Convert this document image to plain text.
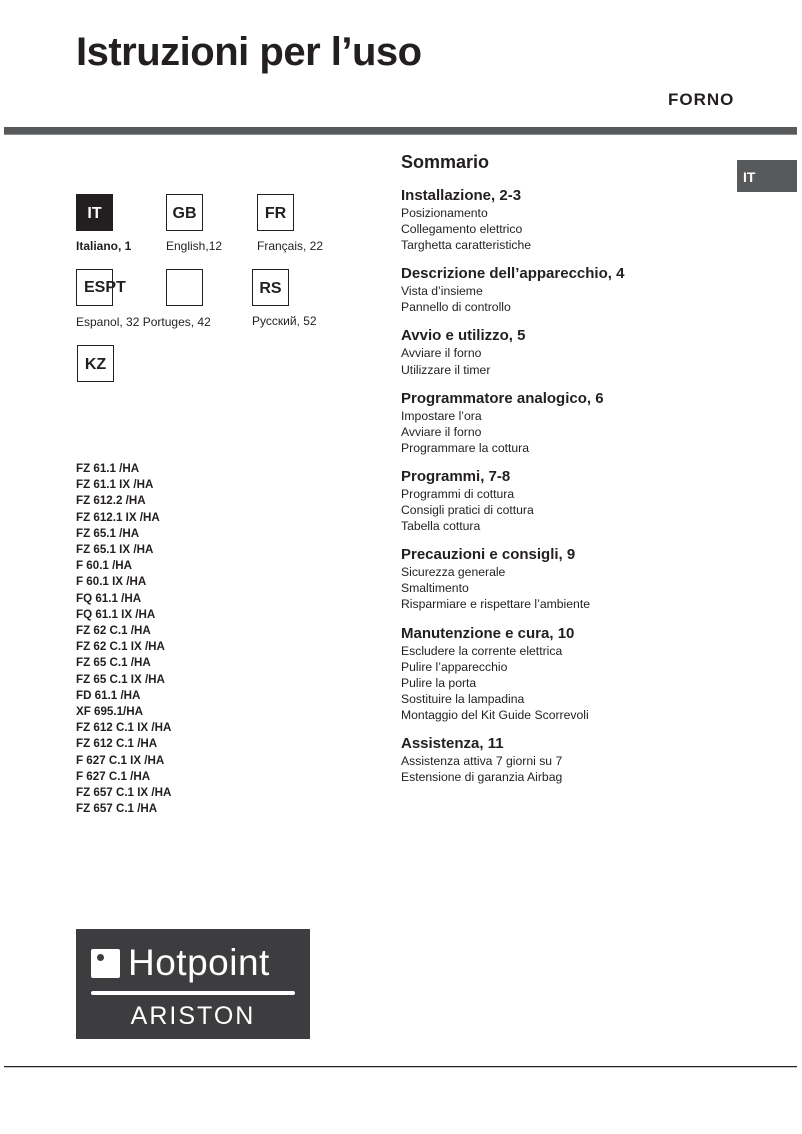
Istruzioni per l’uso
FORNO
IT
IT
Italiano, 1
GB
English,12
FR
Français, 22
ESPT
Espanol, 32 Portuges, 42
RS
Русский, 52
KZ
FZ 61.1 /HA
FZ 61.1 IX /HA
FZ 612.2 /HA
FZ 612.1 IX /HA
FZ 65.1 /HA
FZ 65.1 IX /HA
F 60.1 /HA
F 60.1 IX /HA
FQ 61.1 /HA
FQ 61.1 IX /HA
FZ 62 C.1 /HA
FZ 62 C.1 IX /HA
FZ 65 C.1 /HA
FZ 65 C.1 IX /HA
FD 61.1 /HA
XF 695.1/HA
FZ 612 C.1 IX /HA
FZ 612 C.1 /HA
F 627 C.1 IX /HA
F 627 C.1 /HA
FZ 657 C.1 IX /HA
FZ 657 C.1 /HA
Sommario
Installazione, 2-3
Posizionamento
Collegamento elettrico
Targhetta caratteristiche
Descrizione dell’apparecchio, 4
Vista d’insieme
Pannello di controllo
Avvio e utilizzo, 5
Avviare il forno
Utilizzare il timer
Programmatore analogico, 6
Impostare l’ora
Avviare il forno
Programmare la cottura
Programmi, 7-8
Programmi di cottura
Consigli pratici di cottura
Tabella cottura
Precauzioni e consigli, 9
Sicurezza generale
Smaltimento
Risparmiare e rispettare l’ambiente
Manutenzione e cura, 10
Escludere la corrente elettrica
Pulire l’apparecchio
Pulire la porta
Sostituire la lampadina
Montaggio del Kit Guide Scorrevoli
Assistenza, 11
Assistenza attiva 7 giorni su 7
Estensione di garanzia Airbag
Hotpoint
ARISTON
